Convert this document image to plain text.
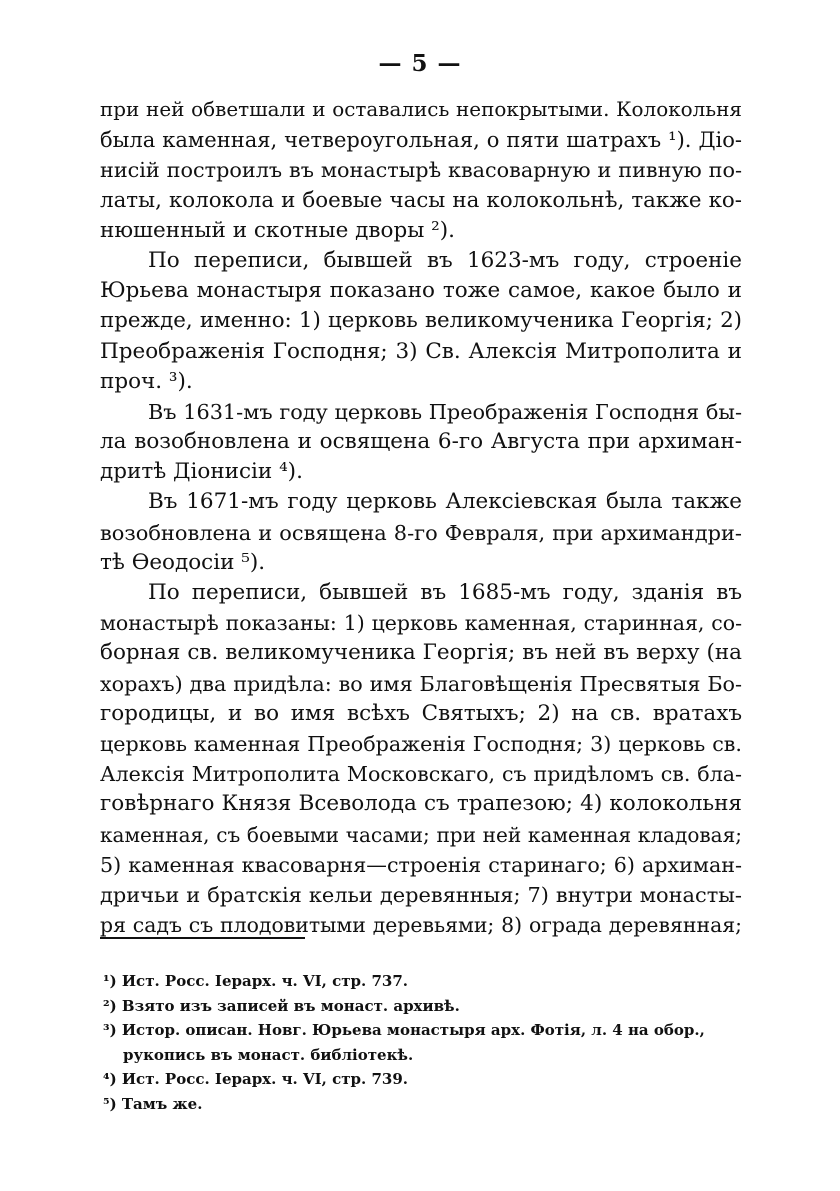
— 5 —
при ней обветшали и оставались непокрытыми. Колокольня
была каменная, четвероугольная, о пяти шатрахъ ¹). Діо-
нисій построилъ въ монастырѣ квасоварную и пивную по-
латы, колокола и боевые часы на колокольнѣ, также ко-
нюшенный и скотные дворы ²).
По переписи, бывшей въ 1623-мъ году, строеніе
Юрьева монастыря показано тоже самое, какое было и
прежде, именно: 1) церковь великомученика Георгія; 2)
Преображенія Господня; 3) Св. Алексія Митрополита и
проч. ³).
Въ 1631-мъ году церковь Преображенія Господня бы-
ла возобновлена и освящена 6-го Августа при архиман-
дритѣ Діонисіи ⁴).
Въ 1671-мъ году церковь Алексіевская была также
возобновлена и освящена 8-го Февраля, при архимандри-
тѣ Ѳеодосіи ⁵).
По переписи, бывшей въ 1685-мъ году, зданія въ
монастырѣ показаны: 1) церковь каменная, старинная, со-
борная св. великомученика Георгія; въ ней въ верху (на
хорахъ) два придѣла: во имя Благовѣщенія Пресвятыя Бо-
городицы, и во имя всѣхъ Святыхъ; 2) на св. вратахъ
церковь каменная Преображенія Господня; 3) церковь св.
Алексія Митрополита Московскаго, съ придѣломъ св. бла-
говѣрнаго Князя Всеволода съ трапезою; 4) колокольня
каменная, съ боевыми часами; при ней каменная кладовая;
5) каменная квасоварня—строенія старинаго; 6) архиман-
дричьи и братскія кельи деревянныя; 7) внутри монасты-
ря садъ съ плодовитыми деревьями; 8) ограда деревянная;
¹) Ист. Росс. Іерарх. ч. VI, стр. 737.
²) Взято изъ записей въ монаст. архивѣ.
³) Истор. описан. Новг. Юрьева монастыря арх. Фотія, л. 4 на обор.,
рукопись въ монаст. библіотекѣ.
⁴) Ист. Росс. Іерарх. ч. VI, стр. 739.
⁵) Тамъ же.
